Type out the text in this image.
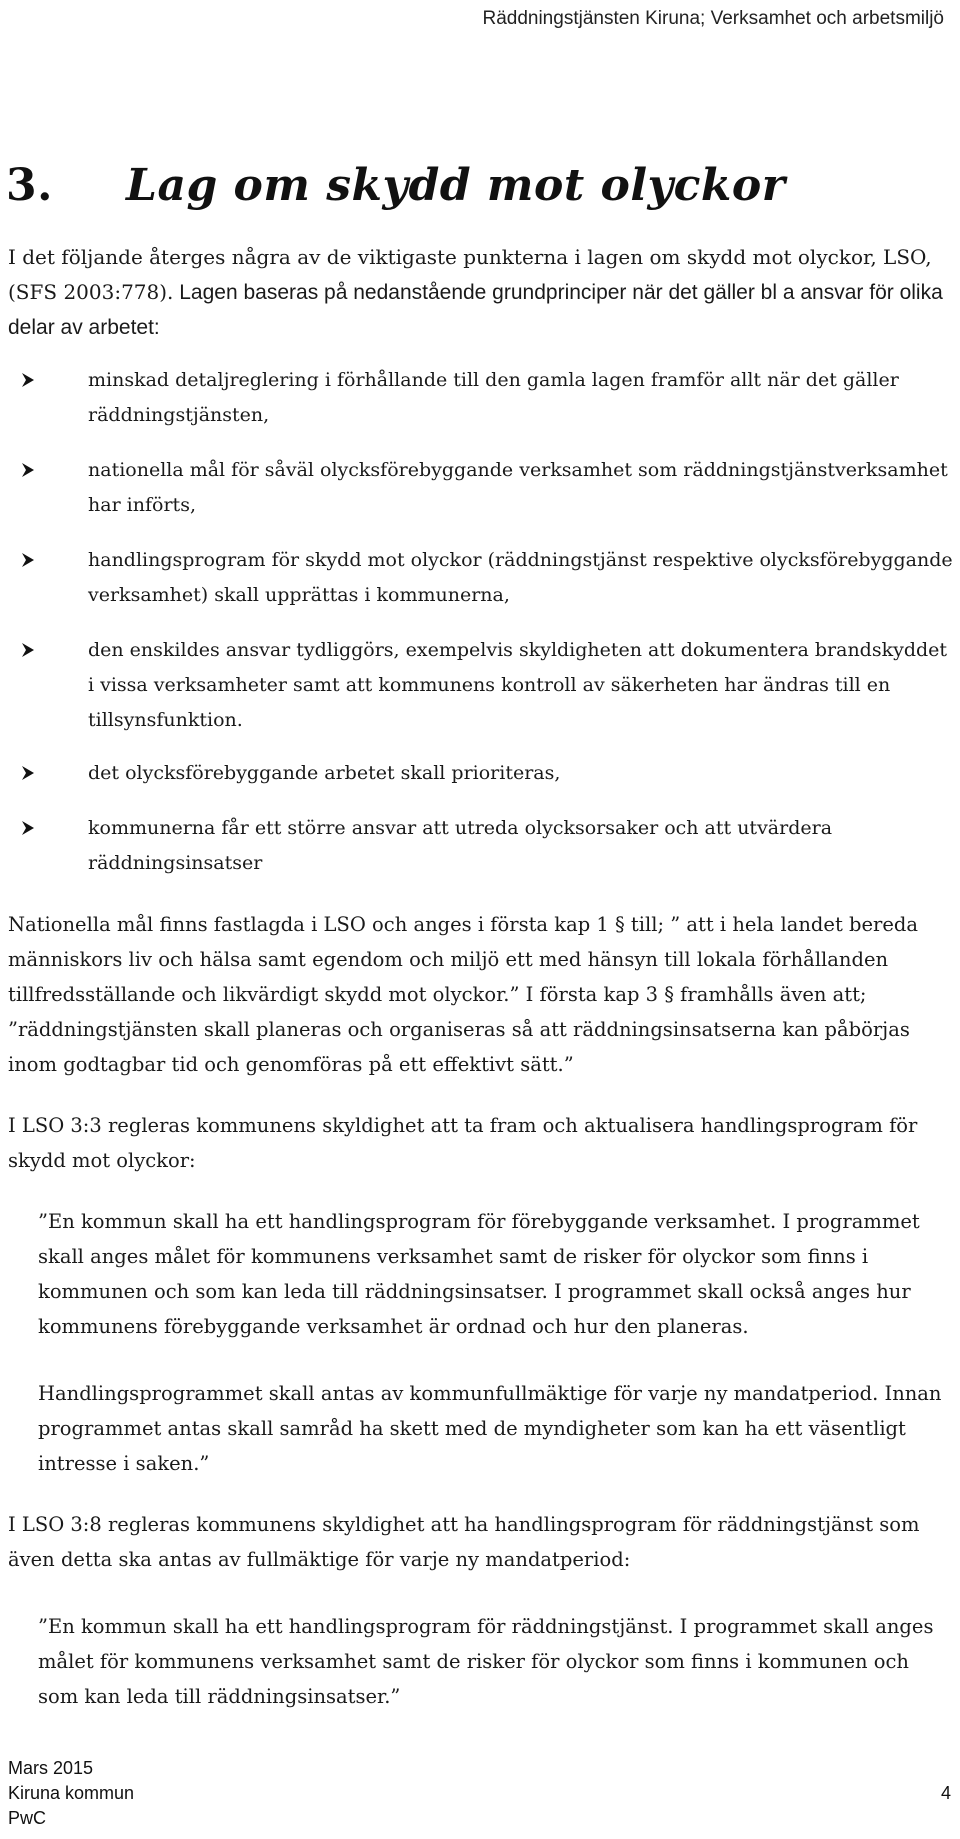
Räddningstjänsten Kiruna; Verksamhet och arbetsmiljö
3. Lag om skydd mot olyckor

I det följande återges några av de viktigaste punkterna i lagen om skydd mot olyckor, LSO, (SFS 2003:778). Lagen baseras på nedanstående grundprinciper när det gäller bl a ansvar för olika delar av arbetet:

minskad detaljreglering i förhållande till den gamla lagen framför allt när det gäller räddningstjänsten,
nationella mål för såväl olycksförebyggande verksamhet som räddningstjänstverksamhet har införts,
handlingsprogram för skydd mot olyckor (räddningstjänst respektive olycksförebyggande verksamhet) skall upprättas i kommunerna,
den enskildes ansvar tydliggörs, exempelvis skyldigheten att dokumentera brandskyddet i vissa verksamheter samt att kommunens kontroll av säkerheten har ändras till en tillsynsfunktion.
det olycksförebyggande arbetet skall prioriteras,
kommunerna får ett större ansvar att utreda olycksorsaker och att utvärdera räddningsinsatser

Nationella mål finns fastlagda i LSO och anges i första kap 1 § till; ” att i hela landet bereda människors liv och hälsa samt egendom och miljö ett med hänsyn till lokala förhållanden tillfredsställande och likvärdigt skydd mot olyckor.” I första kap 3 § framhålls även att; ”räddningstjänsten skall planeras och organiseras så att räddningsinsatserna kan påbörjas inom godtagbar tid och genomföras på ett effektivt sätt.”

I LSO 3:3 regleras kommunens skyldighet att ta fram och aktualisera handlingsprogram för skydd mot olyckor:

”En kommun skall ha ett handlingsprogram för förebyggande verksamhet. I programmet skall anges målet för kommunens verksamhet samt de risker för olyckor som finns i kommunen och som kan leda till räddningsinsatser. I programmet skall också anges hur kommunens förebyggande verksamhet är ordnad och hur den planeras.

Handlingsprogrammet skall antas av kommunfullmäktige för varje ny mandatperiod. Innan programmet antas skall samråd ha skett med de myndigheter som kan ha ett väsentligt intresse i saken.”

I LSO 3:8 regleras kommunens skyldighet att ha handlingsprogram för räddningstjänst som även detta ska antas av fullmäktige för varje ny mandatperiod:

”En kommun skall ha ett handlingsprogram för räddningstjänst. I programmet skall anges målet för kommunens verksamhet samt de risker för olyckor som finns i kommunen och som kan leda till räddningsinsatser.”

Mars 2015
Kiruna kommun
PwC
4
